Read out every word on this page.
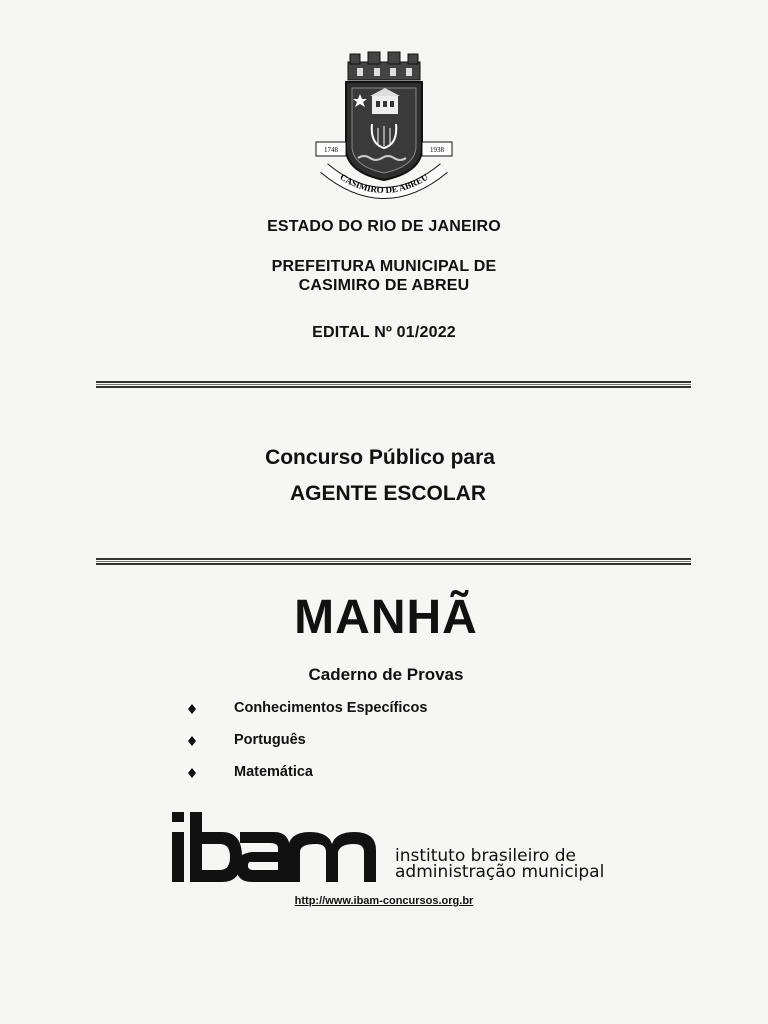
1748	1938
CASIMIRO DE ABREU
ESTADO DO RIO DE JANEIRO
PREFEITURA MUNICIPAL DE
CASIMIRO DE ABREU
EDITAL Nº 01/2022
Concurso Público para
AGENTE ESCOLAR
MANHÃ
Caderno de Provas
Conhecimentos Específicos
Português
Matemática
instituto brasileiro de
administração municipal
http://www.ibam-concursos.org.br
